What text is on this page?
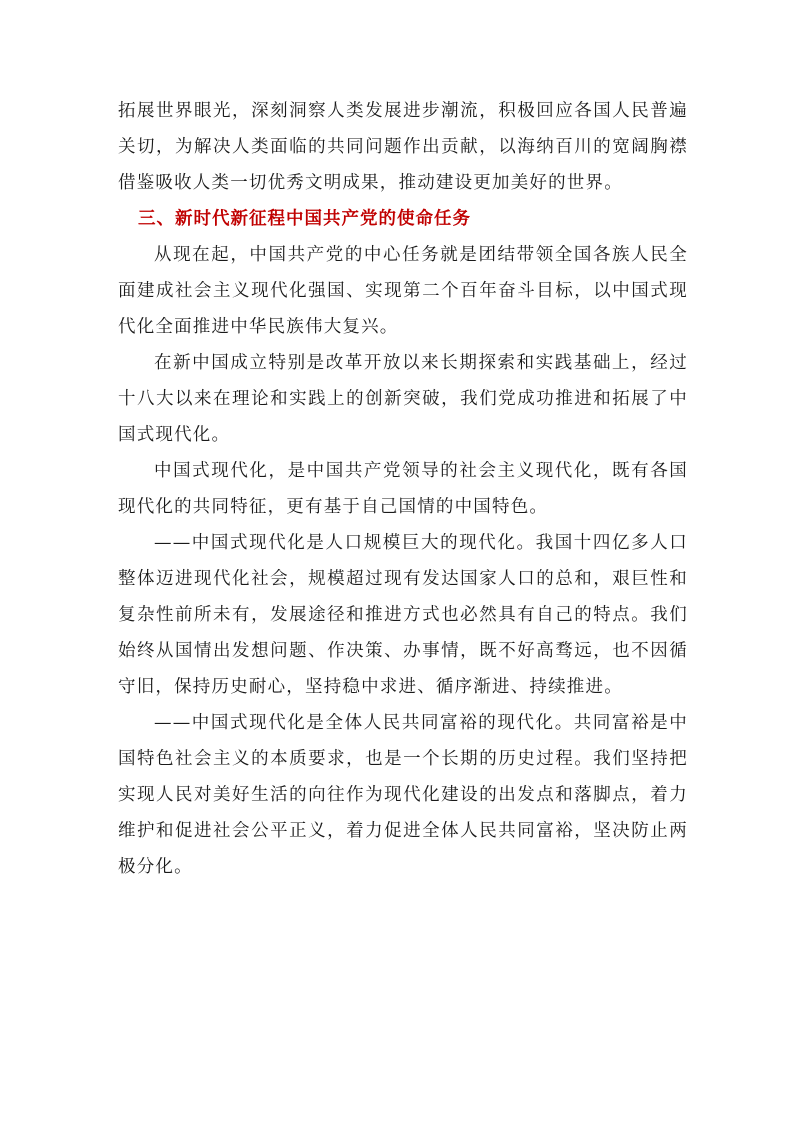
拓展世界眼光，深刻洞察人类发展进步潮流，积极回应各国人民普遍关切，为解决人类面临的共同问题作出贡献，以海纳百川的宽阔胸襟借鉴吸收人类一切优秀文明成果，推动建设更加美好的世界。

三、新时代新征程中国共产党的使命任务

从现在起，中国共产党的中心任务就是团结带领全国各族人民全面建成社会主义现代化强国、实现第二个百年奋斗目标，以中国式现代化全面推进中华民族伟大复兴。

在新中国成立特别是改革开放以来长期探索和实践基础上，经过十八大以来在理论和实践上的创新突破，我们党成功推进和拓展了中国式现代化。

中国式现代化，是中国共产党领导的社会主义现代化，既有各国现代化的共同特征，更有基于自己国情的中国特色。

——中国式现代化是人口规模巨大的现代化。我国十四亿多人口整体迈进现代化社会，规模超过现有发达国家人口的总和，艰巨性和复杂性前所未有，发展途径和推进方式也必然具有自己的特点。我们始终从国情出发想问题、作决策、办事情，既不好高骛远，也不因循守旧，保持历史耐心，坚持稳中求进、循序渐进、持续推进。

——中国式现代化是全体人民共同富裕的现代化。共同富裕是中国特色社会主义的本质要求，也是一个长期的历史过程。我们坚持把实现人民对美好生活的向往作为现代化建设的出发点和落脚点，着力维护和促进社会公平正义，着力促进全体人民共同富裕，坚决防止两极分化。
